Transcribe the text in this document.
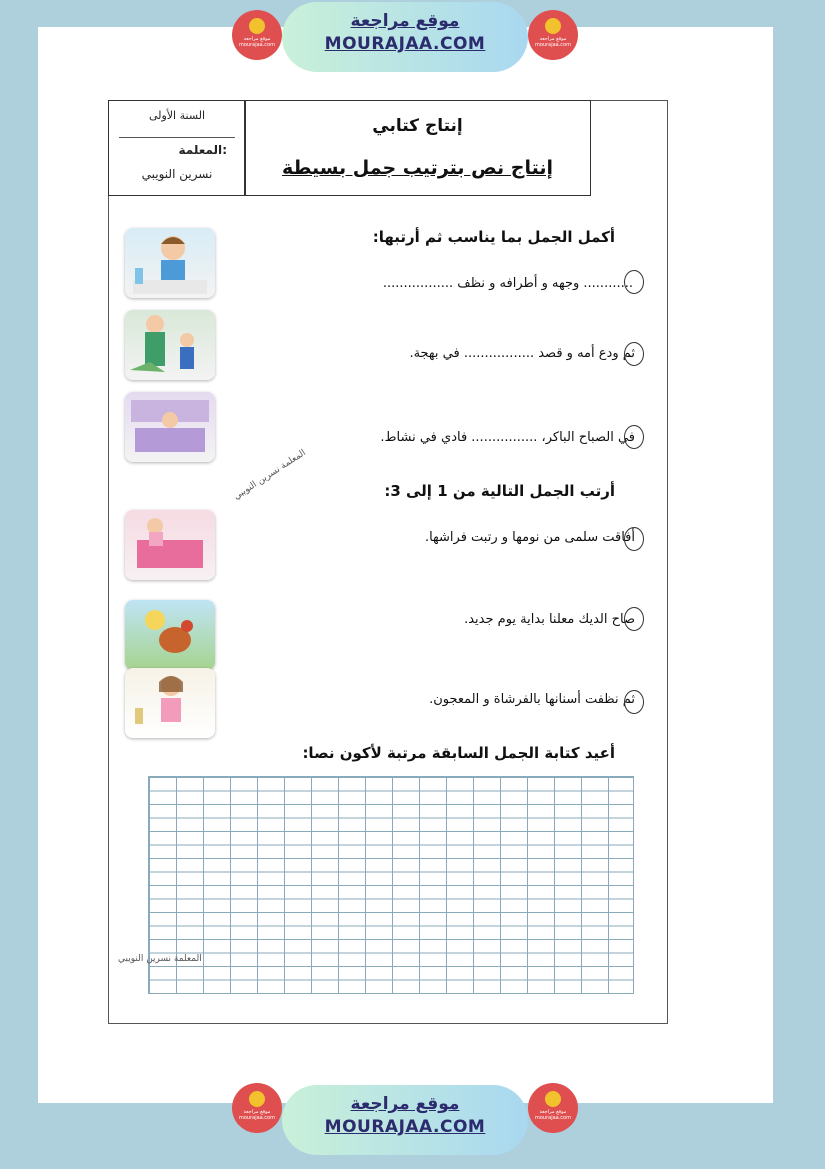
موقع مراجعة mourajaa.com
موقع مراجعة
MOURAJAA.COM	موقع مراجعة mourajaa.com
السنة الأولى
المعلمة:
نسرين النويبي
إنتاج كتابي
إنتاج نص بترتيب جمل بسيطة
أكمل الجمل بما يناسب ثم أرتبها:
............ وجهه و أطرافه و نظف .................
ثم ودع أمه و قصد ................. في بهجة.
في الصباح الباكر، ................ فادي في نشاط.
المعلمة نسرين النويبي	أرتب الجمل التالية من 1 إلى 3:
أفاقت سلمى من نومها و رتبت فراشها.
صاح الديك معلنا بداية يوم جديد.
ثم نظفت أسنانها بالفرشاة و المعجون.
أعيد كتابة الجمل السابقة مرتبة لأكون نصا:
المعلمة نسرين النويبي
موقع مراجعة mourajaa.com
موقع مراجعة
MOURAJAA.COM
موقع مراجعة mourajaa.com
